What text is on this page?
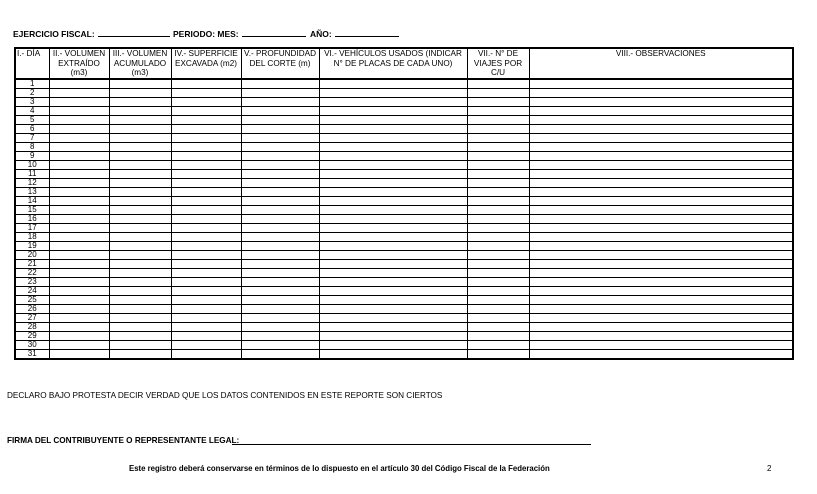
EJERCICIO FISCAL:	PERIODO: MES:	AÑO:
I.- DÍA	II.- VOLUMEN EXTRAÍDO (m3)	III.- VOLUMEN ACUMULADO (m3)	IV.- SUPERFICIE EXCAVADA (m2)	V.- PROFUNDIDAD DEL CORTE (m)	VI.- VEHÍCULOS USADOS (INDICAR N° DE PLACAS DE CADA UNO)	VII.- N° DE VIAJES POR C/U	VIII.- OBSERVACIONES
1							
2							
3							
4							
5							
6							
7							
8							
9							
10							
11							
12							
13							
14							
15							
16							
17							
18							
19							
20							
21							
22							
23							
24							
25							
26							
27							
28							
29							
30							
31							
DECLARO BAJO PROTESTA DECIR VERDAD QUE LOS DATOS CONTENIDOS EN ESTE REPORTE SON CIERTOS
FIRMA DEL CONTRIBUYENTE O REPRESENTANTE LEGAL:
Este registro deberá conservarse en términos de lo dispuesto en el artículo 30 del Código Fiscal de la Federación	2
